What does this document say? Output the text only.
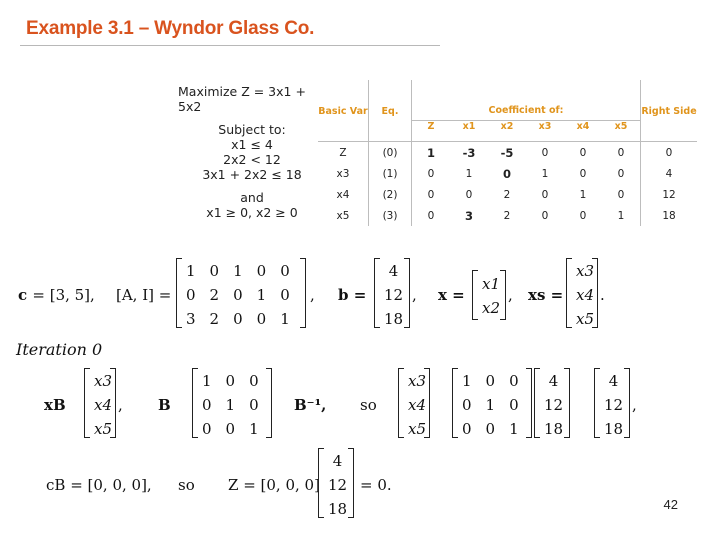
Example 3.1 – Wyndor Glass Co.
Maximize Z = 3x1 + 5x2
Subject to:
x1 ≤ 4
2x2 < 12
3x1 + 2x2 ≤ 18
and
x1 ≥ 0, x2 ≥ 0
Basic Var	Eq.	Coefficient of:						Right Side
		Z	x1	x2	x3	x4	x5	
Z	(0)	1	-3	-5	0	0	0	0
x3	(1)	0	1	0	1	0	0	4
x4	(2)	0	0	2	0	1	0	12
x5	(3)	0	3	2	0	0	1	18
c = [3, 5], [A, I] =
1	0	1	0	0
0	2	0	1	0
3	2	0	0	1
, b =
4
12
18
, x =
x1
x2
, xs =
x3
x4
x5
.
Iteration 0
xB
x3
x4
x5
, B
1	0	0
0	1	0
0	0	1
B⁻¹, so
x3
x4
x5
1	0	0
0	1	0
0	0	1
4
12
18
4
12
18
,
cB = [0, 0, 0], so Z = [0, 0, 0]
4
12
18
= 0.
42
